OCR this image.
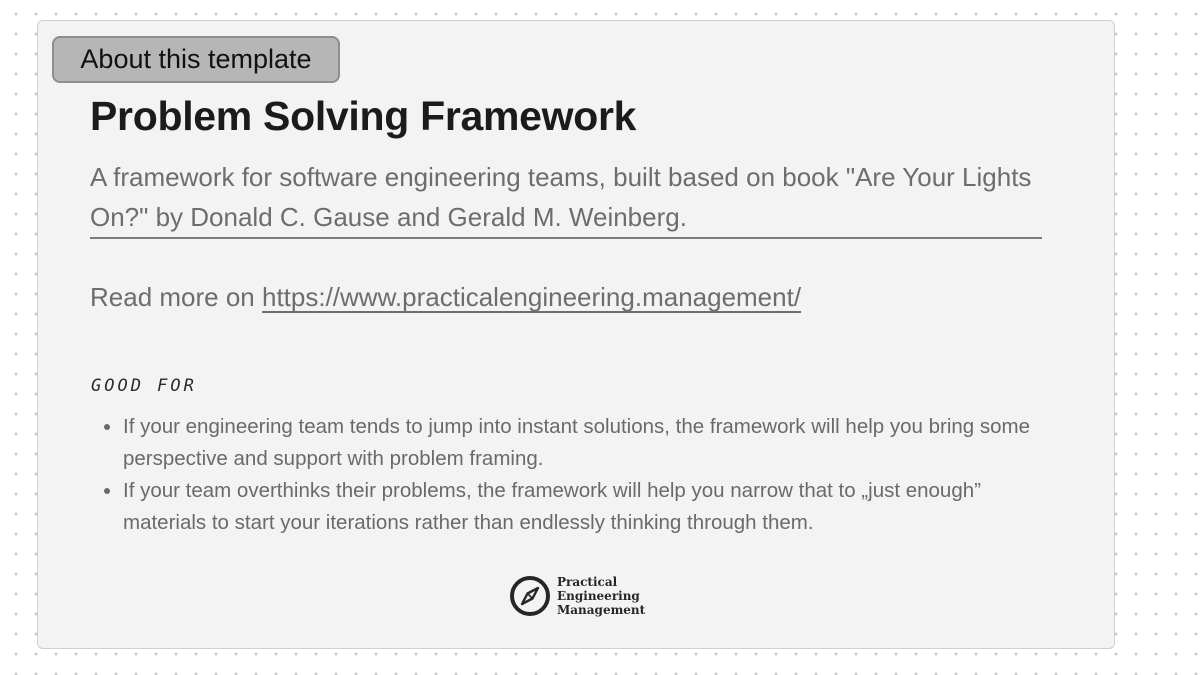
About this template
Problem Solving Framework

A framework for software engineering teams, built based on book "Are Your Lights On?" by Donald C. Gause and Gerald M. Weinberg.

Read more on https://www.practicalengineering.management/
GOOD FOR
If your engineering team tends to jump into instant solutions, the framework will help you bring some perspective and support with problem framing.
If your team overthinks their problems, the framework will help you narrow that to „just enough” materials to start your iterations rather than endlessly thinking through them.
Practical
Engineering
Management
